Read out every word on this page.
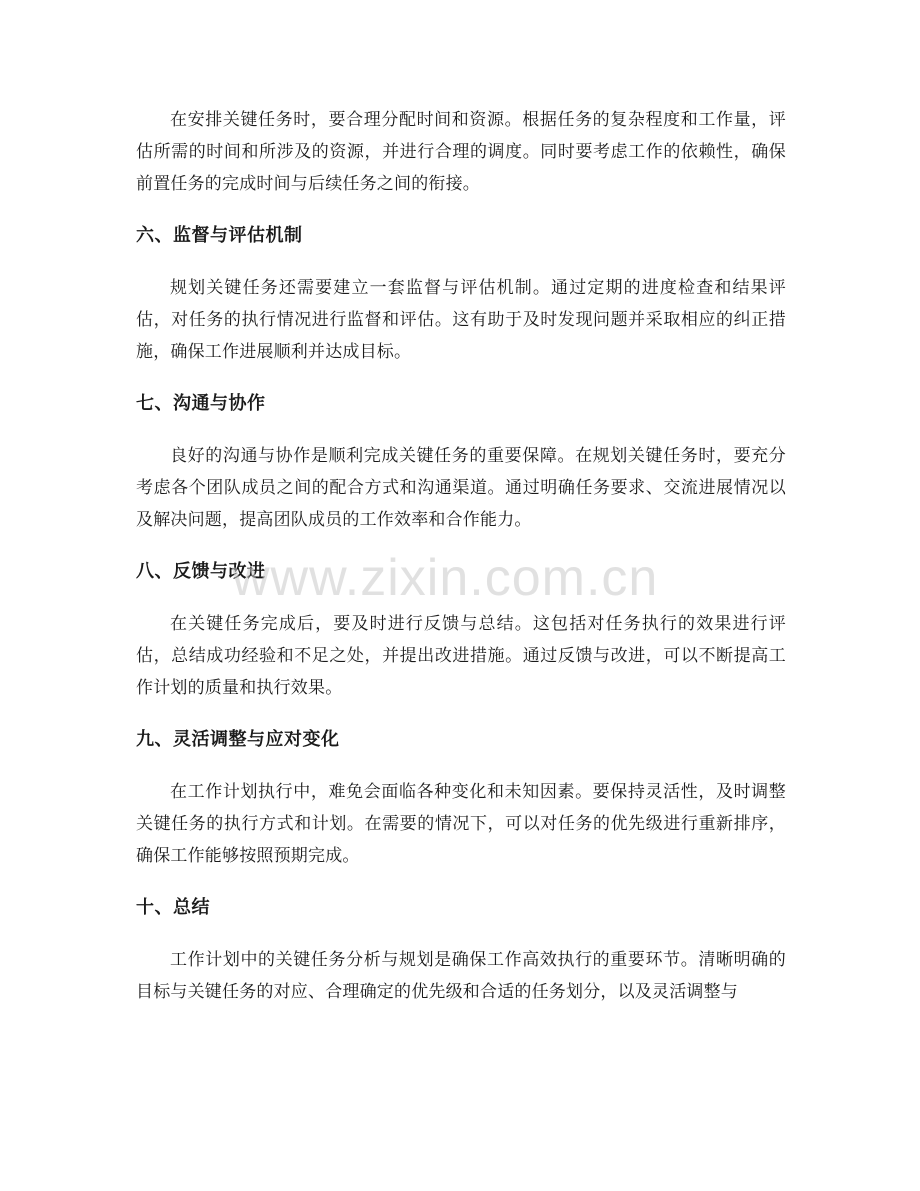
在安排关键任务时，要合理分配时间和资源。根据任务的复杂程度和工作量，评估所需的时间和所涉及的资源，并进行合理的调度。同时要考虑工作的依赖性，确保前置任务的完成时间与后续任务之间的衔接。

六、监督与评估机制

规划关键任务还需要建立一套监督与评估机制。通过定期的进度检查和结果评估，对任务的执行情况进行监督和评估。这有助于及时发现问题并采取相应的纠正措施，确保工作进展顺利并达成目标。

七、沟通与协作

良好的沟通与协作是顺利完成关键任务的重要保障。在规划关键任务时，要充分考虑各个团队成员之间的配合方式和沟通渠道。通过明确任务要求、交流进展情况以及解决问题，提高团队成员的工作效率和合作能力。

八、反馈与改进

在关键任务完成后，要及时进行反馈与总结。这包括对任务执行的效果进行评估，总结成功经验和不足之处，并提出改进措施。通过反馈与改进，可以不断提高工作计划的质量和执行效果。

九、灵活调整与应对变化

在工作计划执行中，难免会面临各种变化和未知因素。要保持灵活性，及时调整关键任务的执行方式和计划。在需要的情况下，可以对任务的优先级进行重新排序，确保工作能够按照预期完成。

十、总结

工作计划中的关键任务分析与规划是确保工作高效执行的重要环节。清晰明确的目标与关键任务的对应、合理确定的优先级和合适的任务划分，以及灵活调整与

www.zixin.com.cn
